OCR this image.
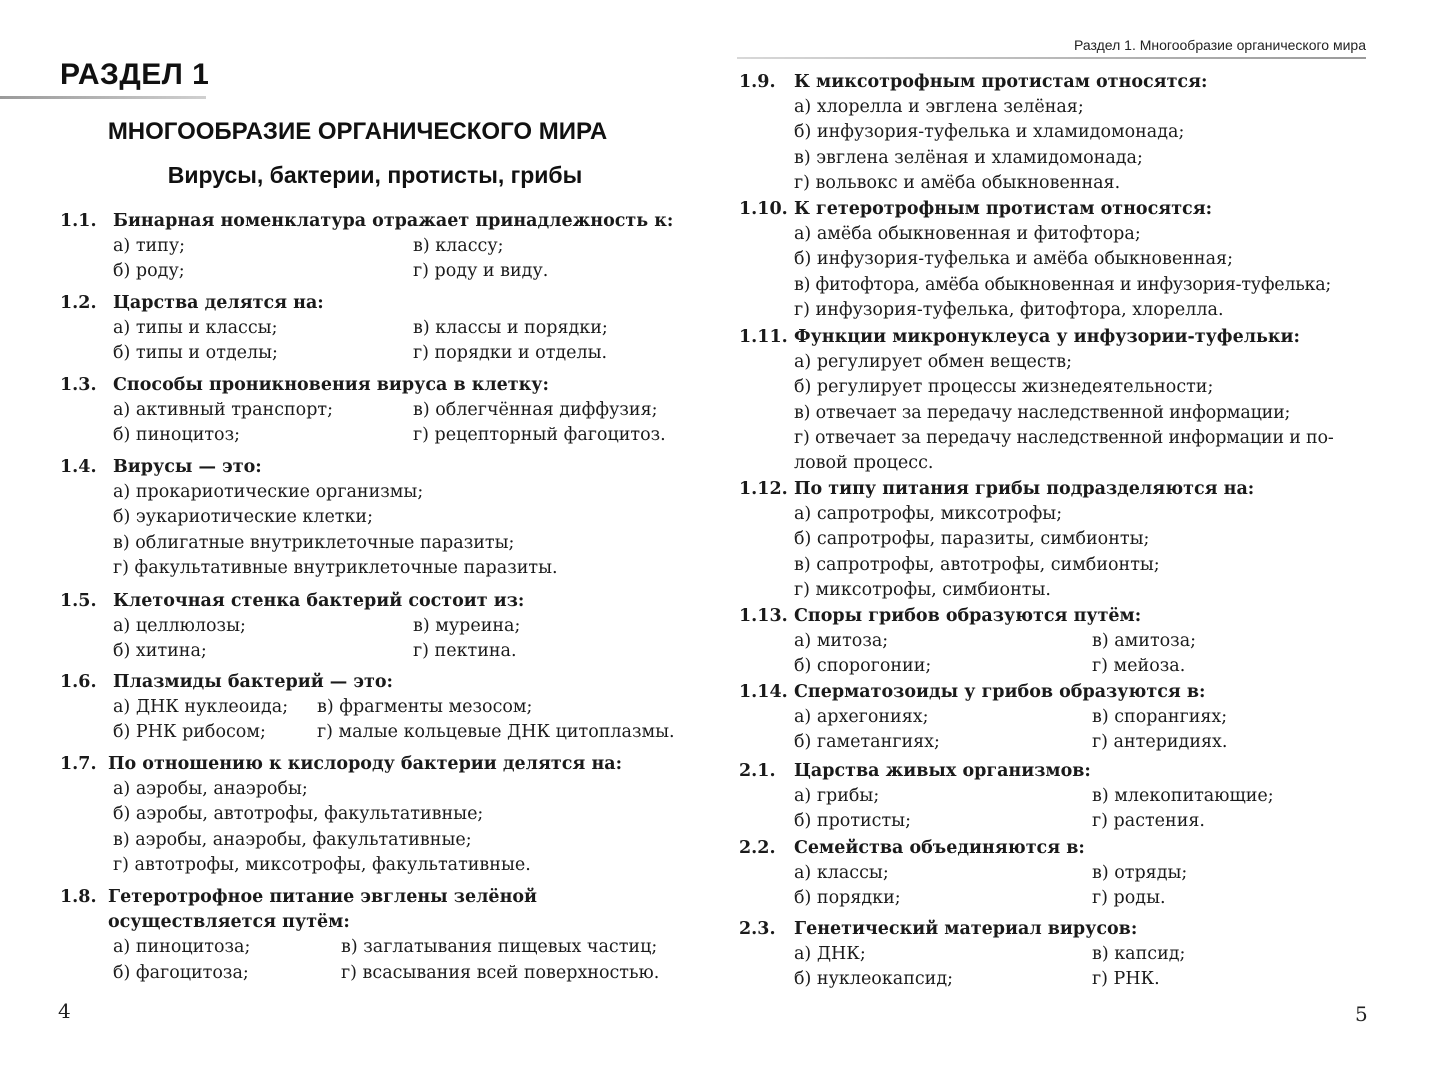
РАЗДЕЛ 1
МНОГООБРАЗИЕ ОРГАНИЧЕСКОГО МИРА
Вирусы, бактерии, протисты, грибы
1.1. Бинарная номенклатура отражает принадлежность к:
а) типу;	в) классу;
б) роду;	г) роду и виду.
1.2. Царства делятся на:
а) типы и классы;	в) классы и порядки;
б) типы и отделы;	г) порядки и отделы.
1.3. Способы проникновения вируса в клетку:
а) активный транспорт;	в) облегчённая диффузия;
б) пиноцитоз;	г) рецепторный фагоцитоз.
1.4. Вирусы — это:
а) прокариотические организмы;
б) эукариотические клетки;
в) облигатные внутриклеточные паразиты;
г) факультативные внутриклеточные паразиты.
1.5. Клеточная стенка бактерий состоит из:
а) целлюлозы;	в) муреина;
б) хитина;	г) пектина.
1.6. Плазмиды бактерий — это:
а) ДНК нуклеоида; в) фрагменты мезосом;
б) РНК рибосом;	г) малые кольцевые ДНК цитоплазмы.
1.7. По отношению к кислороду бактерии делятся на:
а) аэробы, анаэробы;
б) аэробы, автотрофы, факультативные;
в) аэробы, анаэробы, факультативные;
г) автотрофы, миксотрофы, факультативные.
1.8. Гетеротрофное питание эвглены зелёной осуществляется путём:
а) пиноцитоза;	в) заглатывания пищевых частиц;
б) фагоцитоза;	г) всасывания всей поверхностью.
4
Раздел 1. Многообразие органического мира
1.9.	К миксотрофным протистам относятся:
а) хлорелла и эвглена зелёная;
б) инфузория-туфелька и хламидомонада;
в) эвглена зелёная и хламидомонада;
г) вольвокс и амёба обыкновенная.
1.10. К гетеротрофным протистам относятся:
а) амёба обыкновенная и фитофтора;
б) инфузория-туфелька и амёба обыкновенная;
в) фитофтора, амёба обыкновенная и инфузория-туфелька;
г) инфузория-туфелька, фитофтора, хлорелла.
1.11. Функции микронуклеуса у инфузории-туфельки:
а) регулирует обмен веществ;
б) регулирует процессы жизнедеятельности;
в) отвечает за передачу наследственной информации;
г) отвечает за передачу наследственной информации и по-
ловой процесс.
1.12. По типу питания грибы подразделяются на:
а) сапротрофы, миксотрофы;
б) сапротрофы, паразиты, симбионты;
в) сапротрофы, автотрофы, симбионты;
г) миксотрофы, симбионты.
1.13. Споры грибов образуются путём:
а) митоза;	в) амитоза;
б) спорогонии;	г) мейоза.
1.14. Сперматозоиды у грибов образуются в:
а) архегониях;	в) спорангиях;
б) гаметангиях;	г) антеридиях.
2.1.	Царства живых организмов:
а) грибы;	в) млекопитающие;
б) протисты;	г) растения.
2.2.	Семейства объединяются в:
а) классы;	в) отряды;
б) порядки;	г) роды.
2.3.	Генетический материал вирусов:
а) ДНК;	в) капсид;
б) нуклеокапсид;	г) РНК.
5
